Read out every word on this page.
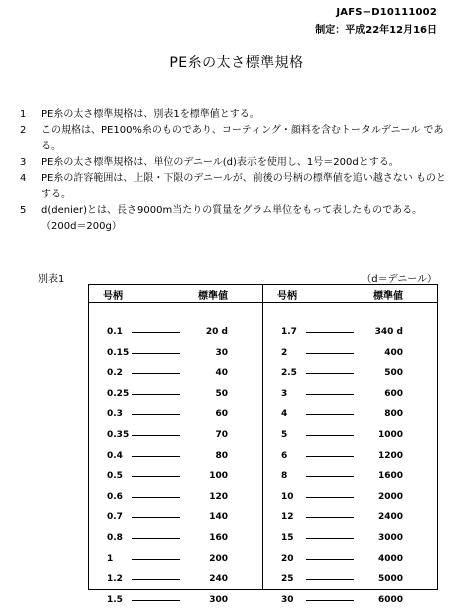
JAFS−D10111002
制定：平成22年12月16日
PE糸の太さ標準規格
1	PE糸の太さ標準規格は、別表1を標準値とする。
2	この規格は、PE100%糸のものであり、コーティング・顔料を含むトータルデニール である。
3	PE糸の太さ標準規格は、単位のデニール(d)表示を使用し、1号＝200dとする。
4	PE糸の許容範囲は、上限・下限のデニールが、前後の号柄の標準値を追い越さない ものとする。
5	d(denier)とは、長さ9000m当たりの質量をグラム単位をもって表したものである。 （200d＝200g）
別表1	（d＝デニール）
号柄	標準値
0.1	20 d
0.15	30
0.2	40
0.25	50
0.3	60
0.35	70
0.4	80
0.5	100
0.6	120
0.7	140
0.8	160
1	200
1.2	240
1.5	300
号柄	標準値
1.7	340 d
2	400
2.5	500
3	600
4	800
5	1000
6	1200
8	1600
10	2000
12	2400
15	3000
20	4000
25	5000
30	6000
